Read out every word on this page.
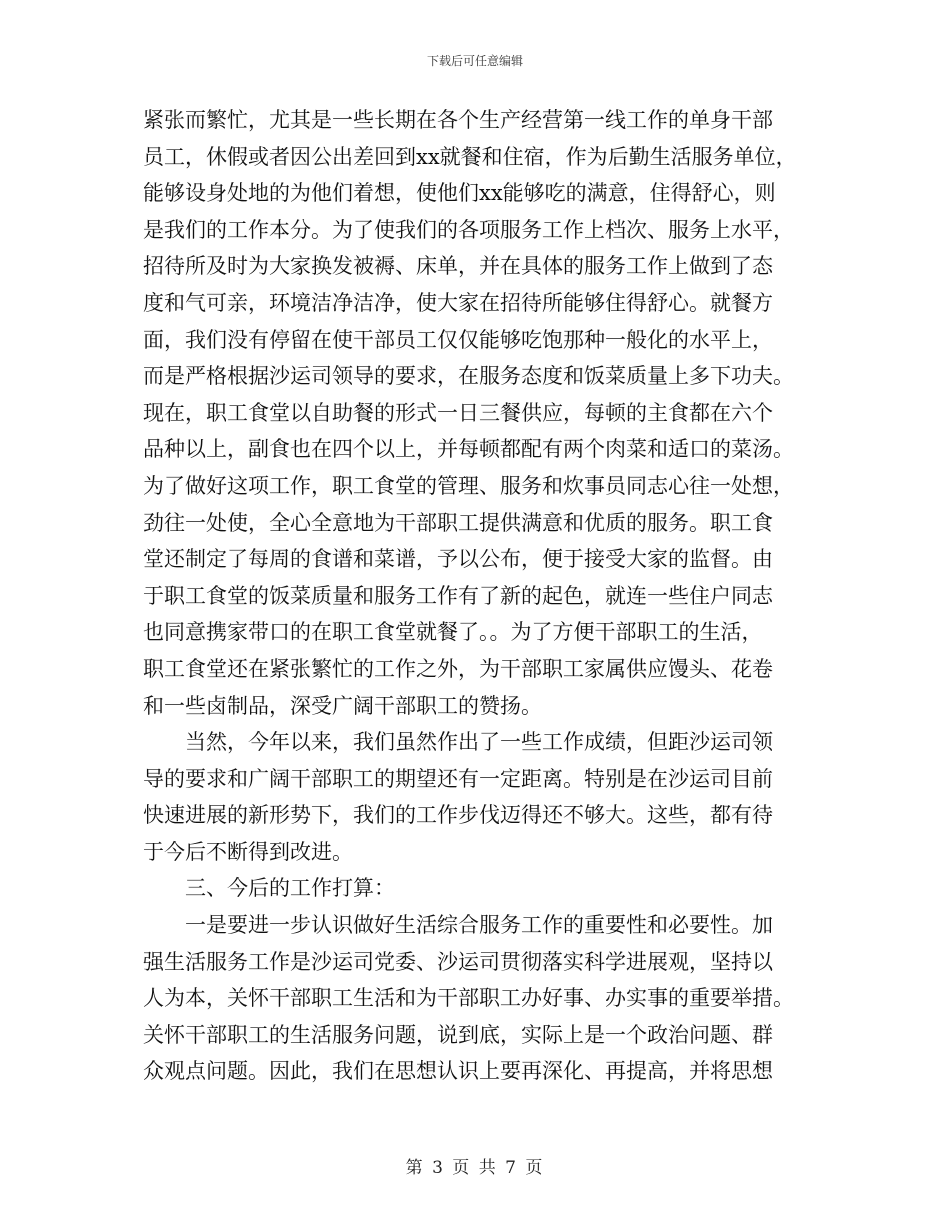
下载后可任意编辑
紧张而繁忙，尤其是一些长期在各个生产经营第一线工作的单身干部
员工，休假或者因公出差回到xx就餐和住宿，作为后勤生活服务单位，
能够设身处地的为他们着想，使他们xx能够吃的满意，住得舒心，则
是我们的工作本分。为了使我们的各项服务工作上档次、服务上水平，
招待所及时为大家换发被褥、床单，并在具体的服务工作上做到了态
度和气可亲，环境洁净洁净，使大家在招待所能够住得舒心。就餐方
面，我们没有停留在使干部员工仅仅能够吃饱那种一般化的水平上，
而是严格根据沙运司领导的要求，在服务态度和饭菜质量上多下功夫。
现在，职工食堂以自助餐的形式一日三餐供应，每顿的主食都在六个
品种以上，副食也在四个以上，并每顿都配有两个肉菜和适口的菜汤。
为了做好这项工作，职工食堂的管理、服务和炊事员同志心往一处想，
劲往一处使，全心全意地为干部职工提供满意和优质的服务。职工食
堂还制定了每周的食谱和菜谱，予以公布，便于接受大家的监督。由
于职工食堂的饭菜质量和服务工作有了新的起色，就连一些住户同志
也同意携家带口的在职工食堂就餐了。。为了方便干部职工的生活，
职工食堂还在紧张繁忙的工作之外，为干部职工家属供应馒头、花卷
和一些卤制品，深受广阔干部职工的赞扬。
当然，今年以来，我们虽然作出了一些工作成绩，但距沙运司领
导的要求和广阔干部职工的期望还有一定距离。特别是在沙运司目前
快速进展的新形势下，我们的工作步伐迈得还不够大。这些，都有待
于今后不断得到改进。
三、今后的工作打算：
一是要进一步认识做好生活综合服务工作的重要性和必要性。加
强生活服务工作是沙运司党委、沙运司贯彻落实科学进展观，坚持以
人为本，关怀干部职工生活和为干部职工办好事、办实事的重要举措。
关怀干部职工的生活服务问题，说到底，实际上是一个政治问题、群
众观点问题。因此，我们在思想认识上要再深化、再提高，并将思想
第 3 页 共 7 页
